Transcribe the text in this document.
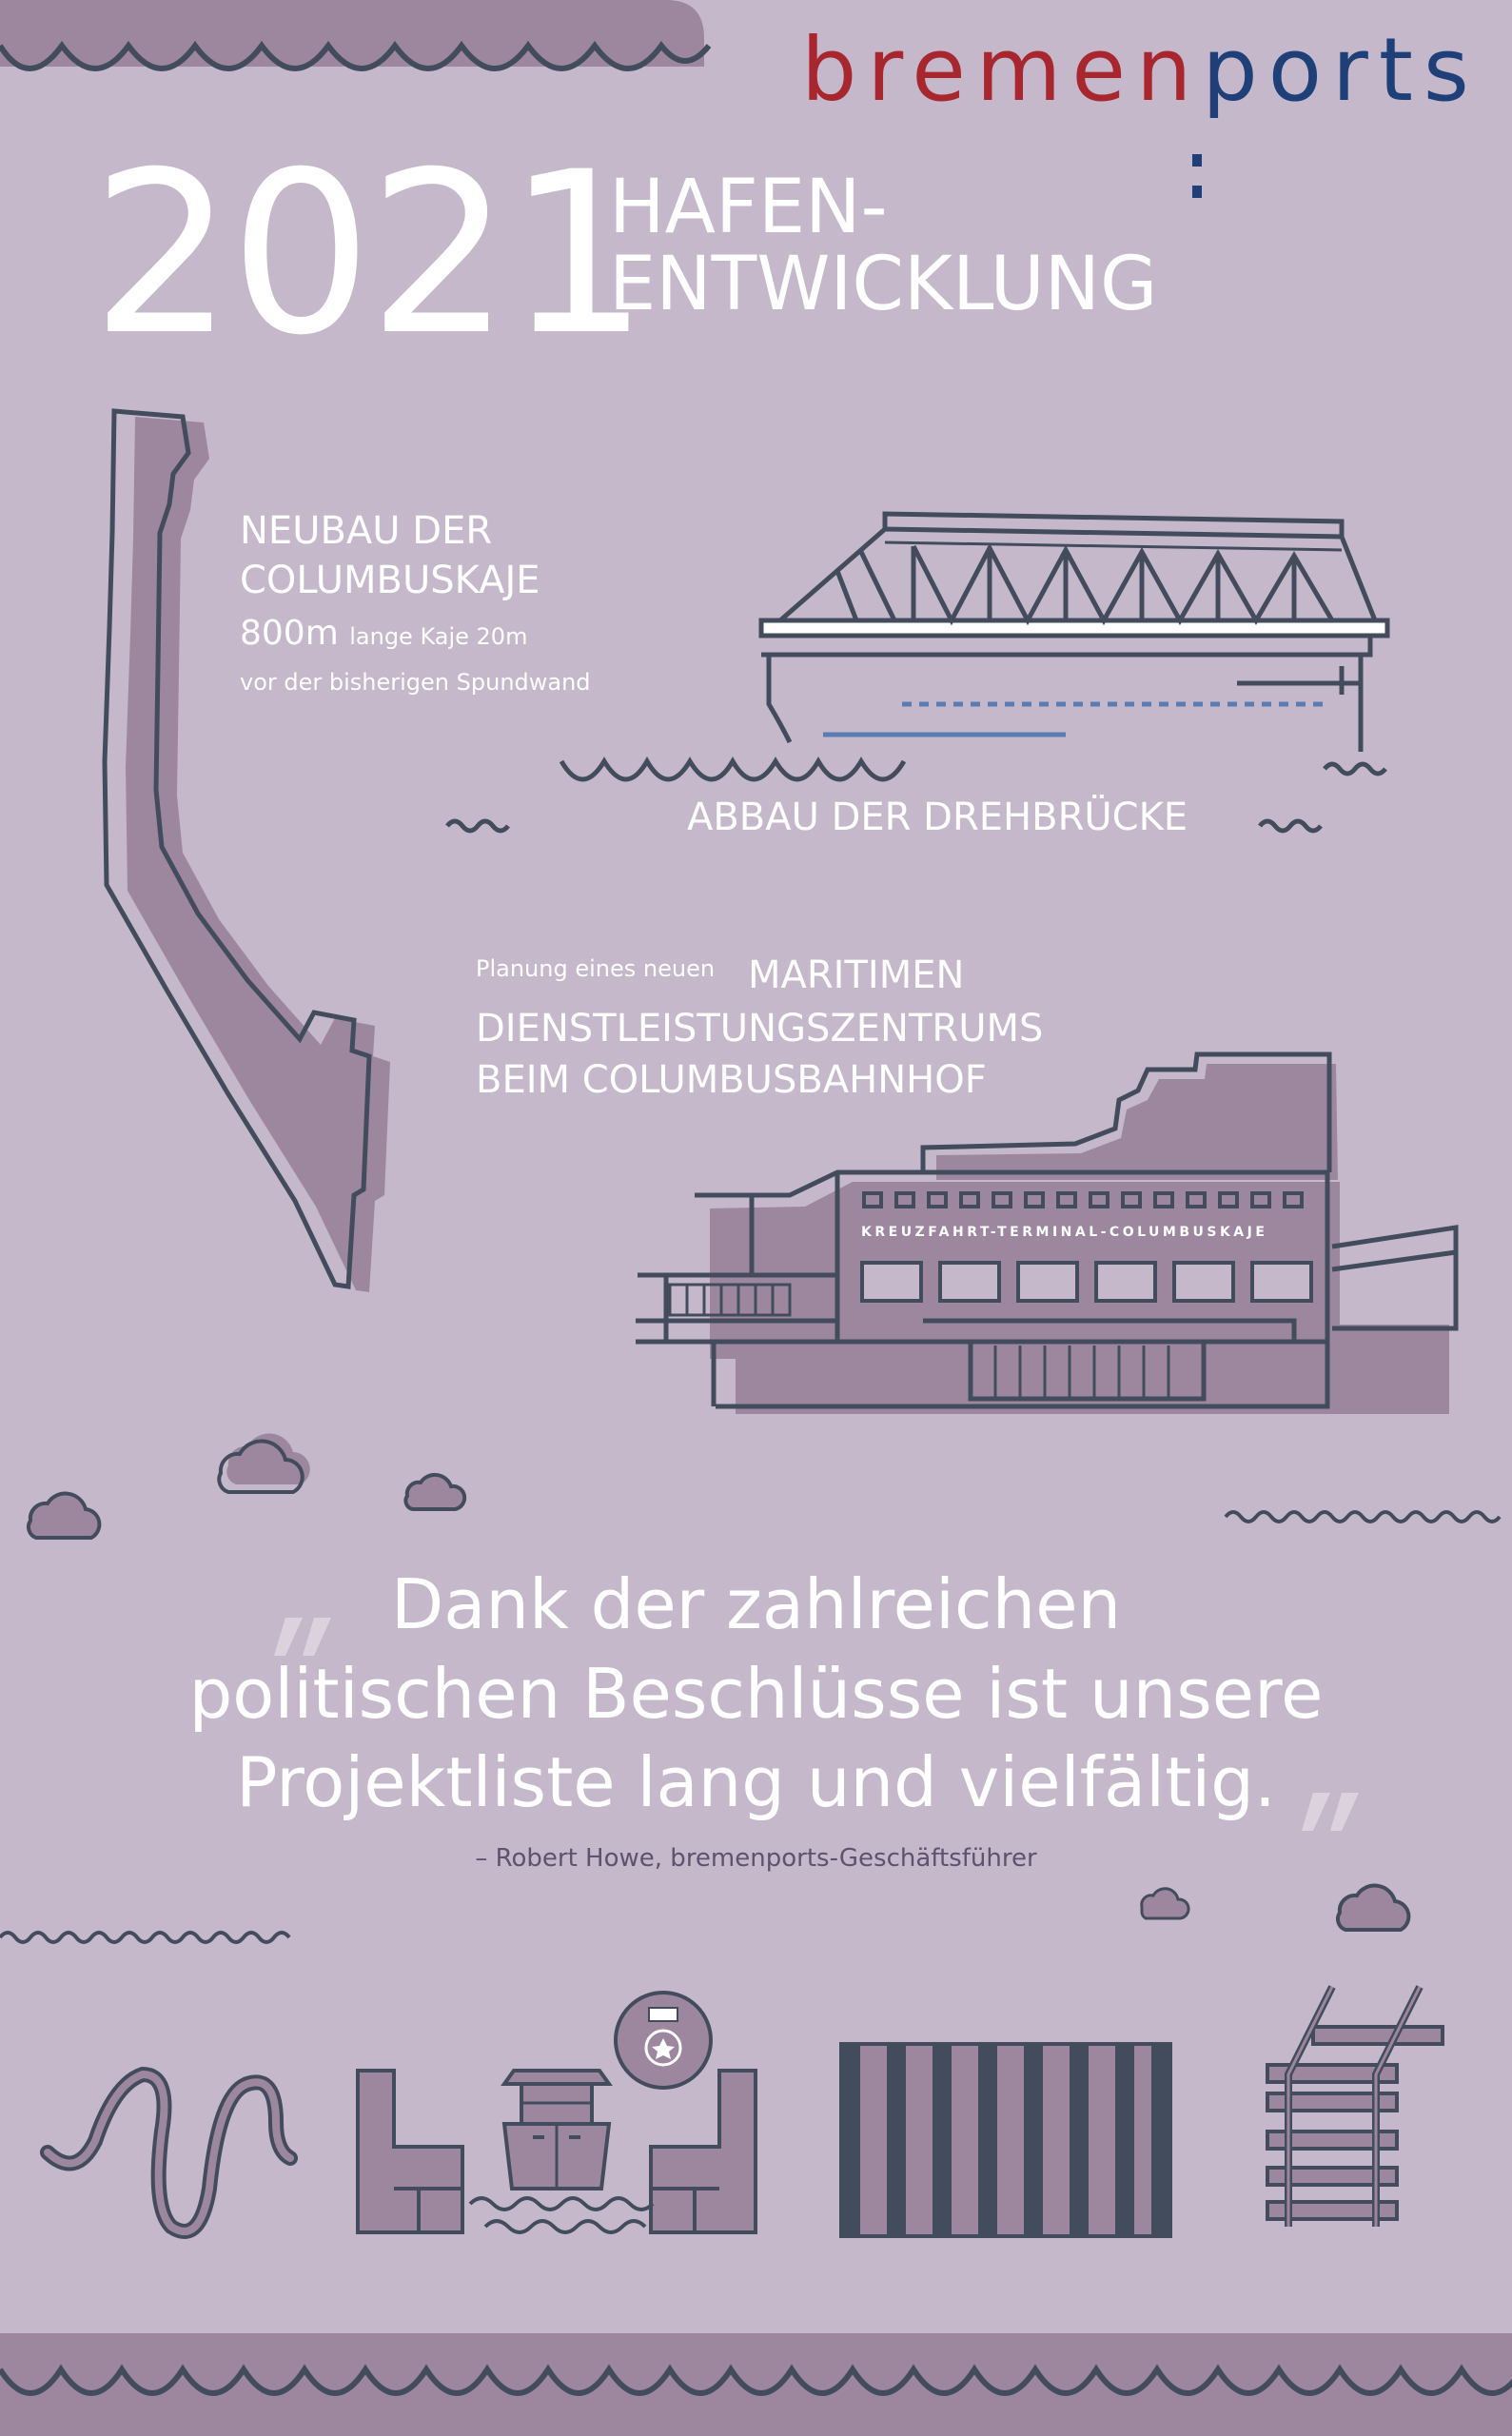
bremenports
2021
HAFEN-
ENTWICKLUNG
NEUBAU DER
COLUMBUSKAJE
800m lange Kaje 20m
vor der bisherigen Spundwand
ABBAU DER DREHBRÜCKE
Planung eines neuen MARITIMEN
DIENSTLEISTUNGSZENTRUMS
BEIM COLUMBUSBAHNHOF
KREUZFAHRT-TERMINAL-COLUMBUSKAJE

Dank der zahlreichen

politischen Beschlüsse ist unsere

Projektliste lang und vielfältig.

– Robert Howe, bremenports-Geschäftsführer
